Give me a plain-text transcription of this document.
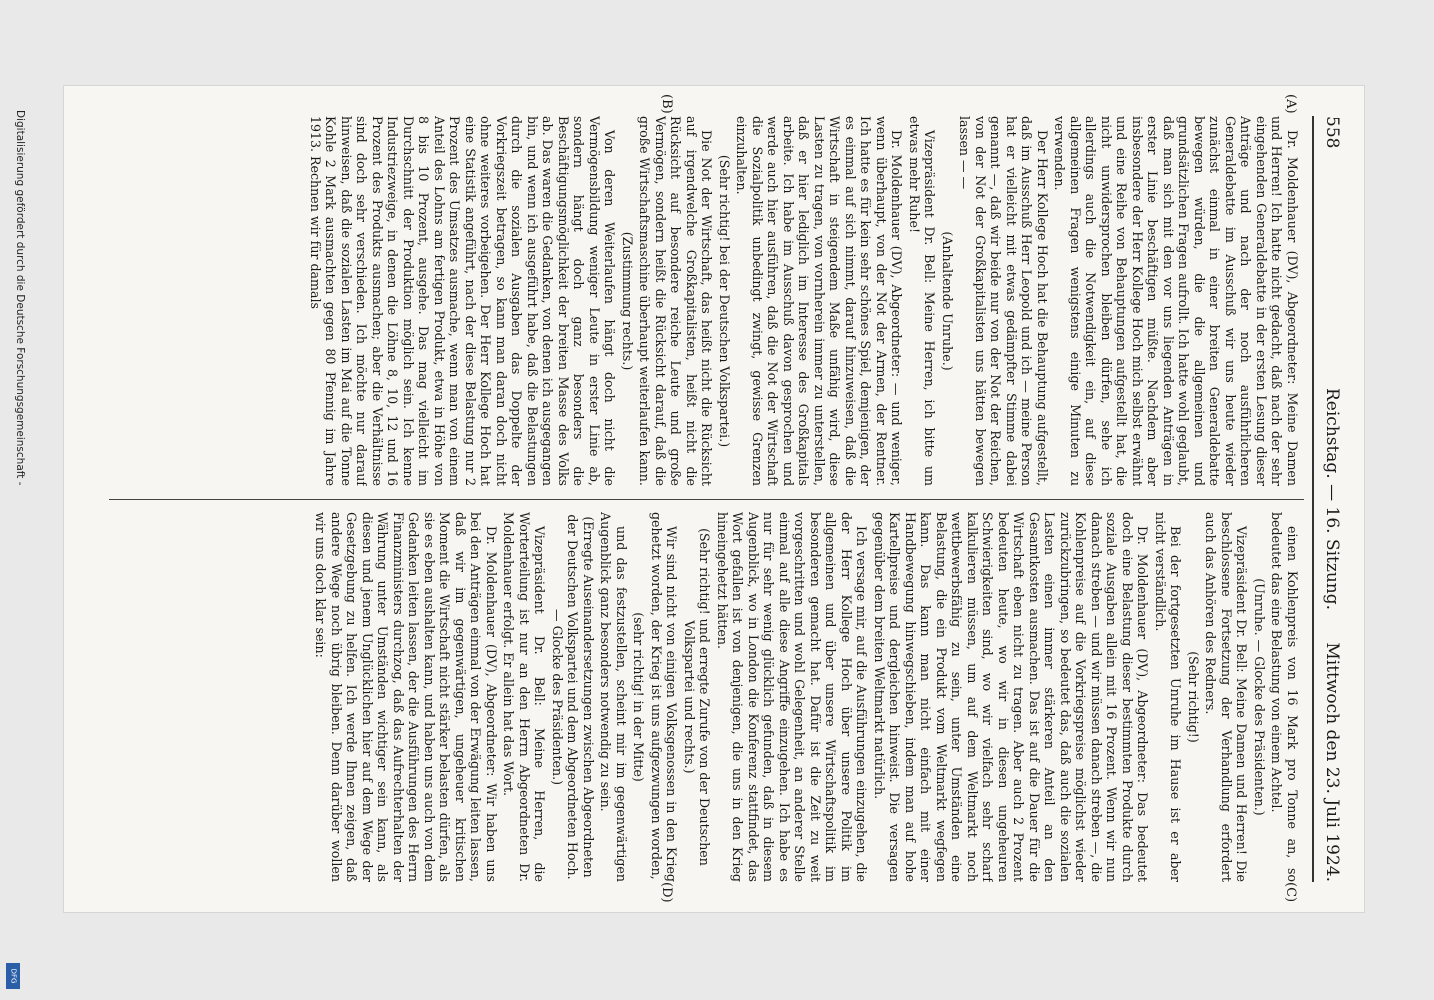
558
Reichstag. — 16. Sitzung.
Mittwoch den 23. Juli 1924.
(A)
(B)
(C)
(D)

Dr. Moldenhauer (DV), Abgeordneter: Meine Damen und Herren! Ich hatte nicht gedacht, daß nach der sehr eingehenden Generaldebatte in der ersten Lesung dieser Anträge und nach der noch ausführlicheren Generaldebatte im Ausschuß wir uns heute wieder zunächst einmal in einer breiten Generaldebatte bewegen würden, die die allgemeinen und grundsätzlichen Fragen aufrollt. Ich hatte wohl geglaubt, daß man sich mit den vor uns liegenden Anträgen in erster Linie beschäftigen müßte. Nachdem aber insbesondere der Herr Kollege Hoch mich selbst erwähnt und eine Reihe von Behauptungen aufgestellt hat, die nicht unwidersprochen bleiben dürfen, sehe ich allerdings auch die Notwendigkeit ein, auf diese allgemeinen Fragen wenigstens einige Minuten zu verwenden.

Der Herr Kollege Hoch hat die Behauptung aufgestellt, daß im Ausschuß Herr Leopold und ich — meine Person hat er vielleicht mit etwas gedämpfter Stimme dabei genannt —, daß wir beide nur von der Not der Reichen, von der Not der Großkapitalisten uns hätten bewegen lassen — —

(Anhaltende Unruhe.)

Vizepräsident Dr. Bell: Meine Herren, ich bitte um etwas mehr Ruhe!

Dr. Moldenhauer (DV), Abgeordneter: — und weniger, wenn überhaupt, von der Not der Armen, der Rentner. Ich hatte es für kein sehr schönes Spiel, demjenigen, der es einmal auf sich nimmt, darauf hinzuweisen, daß die Wirtschaft in steigendem Maße unfähig wird, diese Lasten zu tragen, von vornherein immer zu unterstellen, daß er hier lediglich im Interesse des Großkapitals arbeite. Ich habe im Ausschuß davon gesprochen und werde auch hier ausführen, daß die Not der Wirtschaft die Sozialpolitik unbedingt zwingt, gewisse Grenzen einzuhalten.

(Sehr richtig! bei der Deutschen Volkspartei.)

Die Not der Wirtschaft, das heißt nicht die Rücksicht auf irgendwelche Großkapitalisten, heißt nicht die Rücksicht auf besondere reiche Leute und große Vermögen, sondern heißt die Rücksicht darauf, daß die große Wirtschaftsmaschine überhaupt weiterlaufen kann.

(Zustimmung rechts.)

Von deren Weiterlaufen hängt doch nicht die Vermögensbildung weniger Leute in erster Linie ab, sondern hängt doch ganz besonders die Beschäftigungsmöglichkeit der breiten Masse des Volks ab. Das waren die Gedanken, von denen ich ausgegangen bin, und wenn ich ausgeführt habe, daß die Belastungen durch die sozialen Ausgaben das Doppelte der Vorkriegszeit betragen, so kann man daran doch nicht ohne weiteres vorbeigehen. Der Herr Kollege Hoch hat eine Statistik angeführt, nach der diese Belastung nur 2 Prozent des Umsatzes ausmache, wenn man von einem Anteil des Lohns am fertigen Produkt, etwa in Höhe von 8 bis 10 Prozent, ausgehe. Das mag vielleicht im Durchschnitt der Produktion möglich sein. Ich kenne Industriezweige, in denen die Löhne 8, 10, 12 und 16 Prozent des Produkts ausmachen; aber die Verhältnisse sind doch sehr verschieden. Ich möchte nur darauf hinweisen, daß die sozialen Lasten im Mai auf die Tonne Kohle 2 Mark ausmachten gegen 80 Pfennig im Jahre 1913. Rechnen wir für damals

einen Kohlenpreis von 16 Mark pro Tonne an, so bedeutet das eine Belastung von einem Achtel.

(Unruhe. — Glocke des Präsidenten.)

Vizepräsident Dr. Bell: Meine Damen und Herren! Die beschlossene Fortsetzung der Verhandlung erfordert auch das Anhören des Redners.

(Sehr richtig!)

Bei der fortgesetzten Unruhe im Hause ist er aber nicht verständlich.

Dr. Moldenhauer (DV), Abgeordneter: Das bedeutet doch eine Belastung dieser bestimmten Produkte durch soziale Ausgaben allein mit 16 Prozent. Wenn wir nun danach streben — und wir müssen danach streben —, die Kohlenpreise auf die Vorkriegspreise möglichst wieder zurückzubringen, so bedeutet das, daß auch die sozialen Lasten einen immer stärkeren Anteil an den Gesamtkosten ausmachen. Das ist auf die Dauer für die Wirtschaft eben nicht zu tragen. Aber auch 2 Prozent bedeuten heute, wo wir in diesen ungeheuren Schwierigkeiten sind, wo wir vielfach sehr scharf kalkulieren müssen, um auf dem Weltmarkt noch wettbewerbsfähig zu sein, unter Umständen eine Belastung, die ein Produkt vom Weltmarkt wegfegen kann. Das kann man nicht einfach mit einer Handbewegung hinwegschieben, indem man auf hohe Kartellpreise und dergleichen hinweist. Die versagen gegenüber dem breiten Weltmarkt natürlich.

Ich versage mir, auf die Ausführungen einzugehen, die der Herr Kollege Hoch über unsere Politik im allgemeinen und über unsere Wirtschaftspolitik im besonderen gemacht hat. Dafür ist die Zeit zu weit vorgeschritten und wohl Gelegenheit, an anderer Stelle einmal auf alle diese Angriffe einzugehen. Ich habe es nur für sehr wenig glücklich gefunden, daß in diesem Augenblick, wo in London die Konferenz stattfindet, das Wort gefallen ist von denjenigen, die uns in den Krieg hineingehetzt hätten.

(Sehr richtig! und erregte Zurufe von der Deutschen Volkspartei und rechts.)

Wir sind nicht von einigen Volksgenossen in den Krieg gehetzt worden, der Krieg ist uns aufgezwungen worden,

(sehr richtig! in der Mitte)

und das festzustellen, scheint mir im gegenwärtigen Augenblick ganz besonders notwendig zu sein.

(Erregte Auseinandersetzungen zwischen Abgeordneten der Deutschen Volkspartei und dem Abgeordneten Hoch. — Glocke des Präsidenten.)

Vizepräsident Dr. Bell: Meine Herren, die Worterteilung ist nur an den Herrn Abgeordneten Dr. Moldenhauer erfolgt. Er allein hat das Wort.

Dr. Moldenhauer (DV), Abgeordneter: Wir haben uns bei den Anträgen einmal von der Erwägung leiten lassen, daß wir im gegenwärtigen, ungeheuer kritischen Moment die Wirtschaft nicht stärker belasten dürfen, als sie es eben aushalten kann, und haben uns auch von dem Gedanken leiten lassen, der die Ausführungen des Herrn Finanzministers durchzog, daß das Aufrechterhalten der Währung unter Umständen wichtiger sein kann, als diesen und jenem Unglücklichen hier auf dem Wege der Gesetzgebung zu helfen. Ich werde Ihnen zeigen, daß andere Wege noch übrig bleiben. Denn darüber wollen wir uns doch klar sein:

Digitalisierung gefördert durch die Deutsche Forschungsgemeinschaft -
DFG
